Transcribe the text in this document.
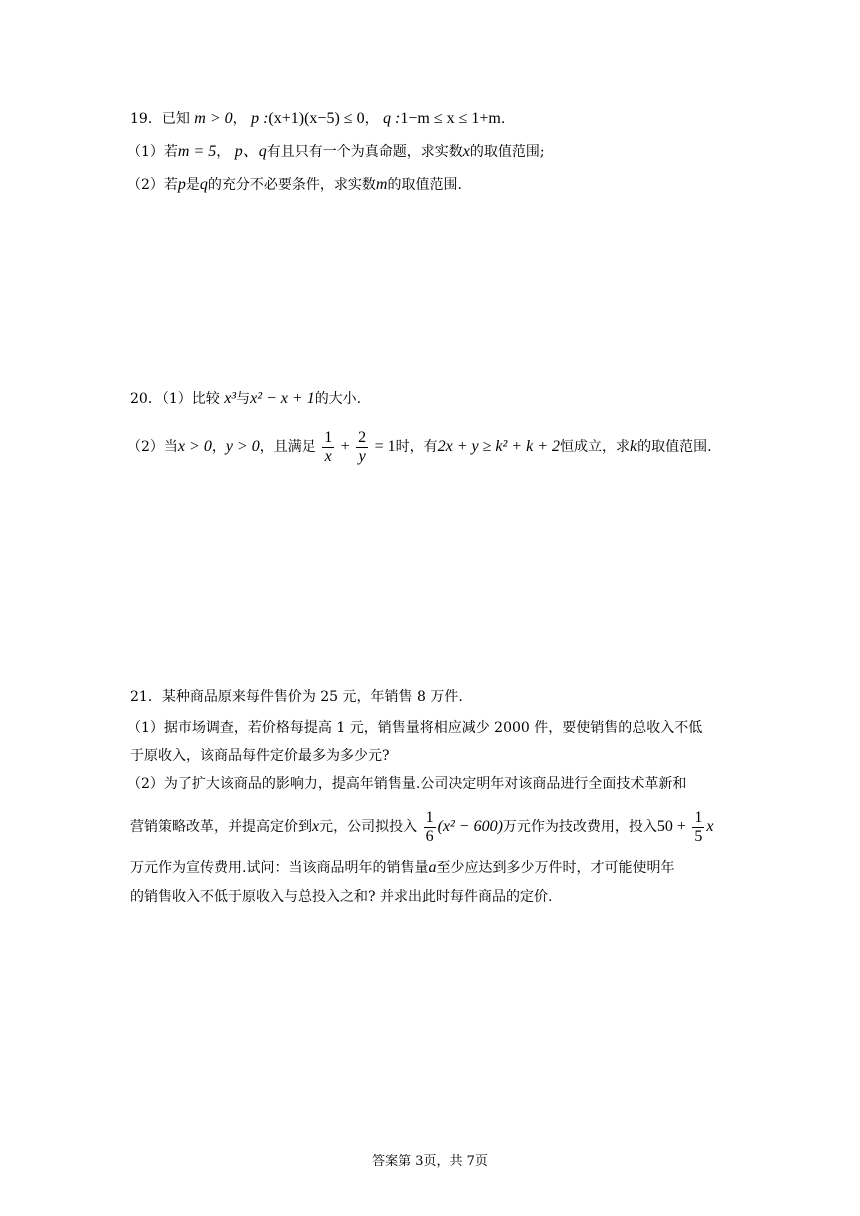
19．已知 m > 0， p :(x+1)(x−5) ≤ 0， q :1−m ≤ x ≤ 1+m.
（1）若m = 5， p、q有且只有一个为真命题，求实数x的取值范围;
（2）若p是q的充分不必要条件，求实数m的取值范围.
20．（1）比较 x³与x² − x + 1的大小.
（2）当x > 0，y > 0，且满足 $\frac{1}{x} + \frac{2}{y} = 1$时，有2x + y ≥ k² + k + 2恒成立，求k的取值范围.
21．某种商品原来每件售价为 25 元，年销售 8 万件.
（1）据市场调查，若价格每提高 1 元，销售量将相应减少 2000 件，要使销售的总收入不低
于原收入，该商品每件定价最多为多少元?
（2）为了扩大该商品的影响力，提高年销售量.公司决定明年对该商品进行全面技术革新和
营销策略改革，并提高定价到x元，公司拟投入 $\frac{1}{6} (x^2 - 600)$万元作为技改费用，投入$50 + \frac{1}{5}$ x
万元作为宣传费用.试问：当该商品明年的销售量a至少应达到多少万件时，才可能使明年
的销售收入不低于原收入与总投入之和? 并求出此时每件商品的定价.
答案第 3页，共 7页
